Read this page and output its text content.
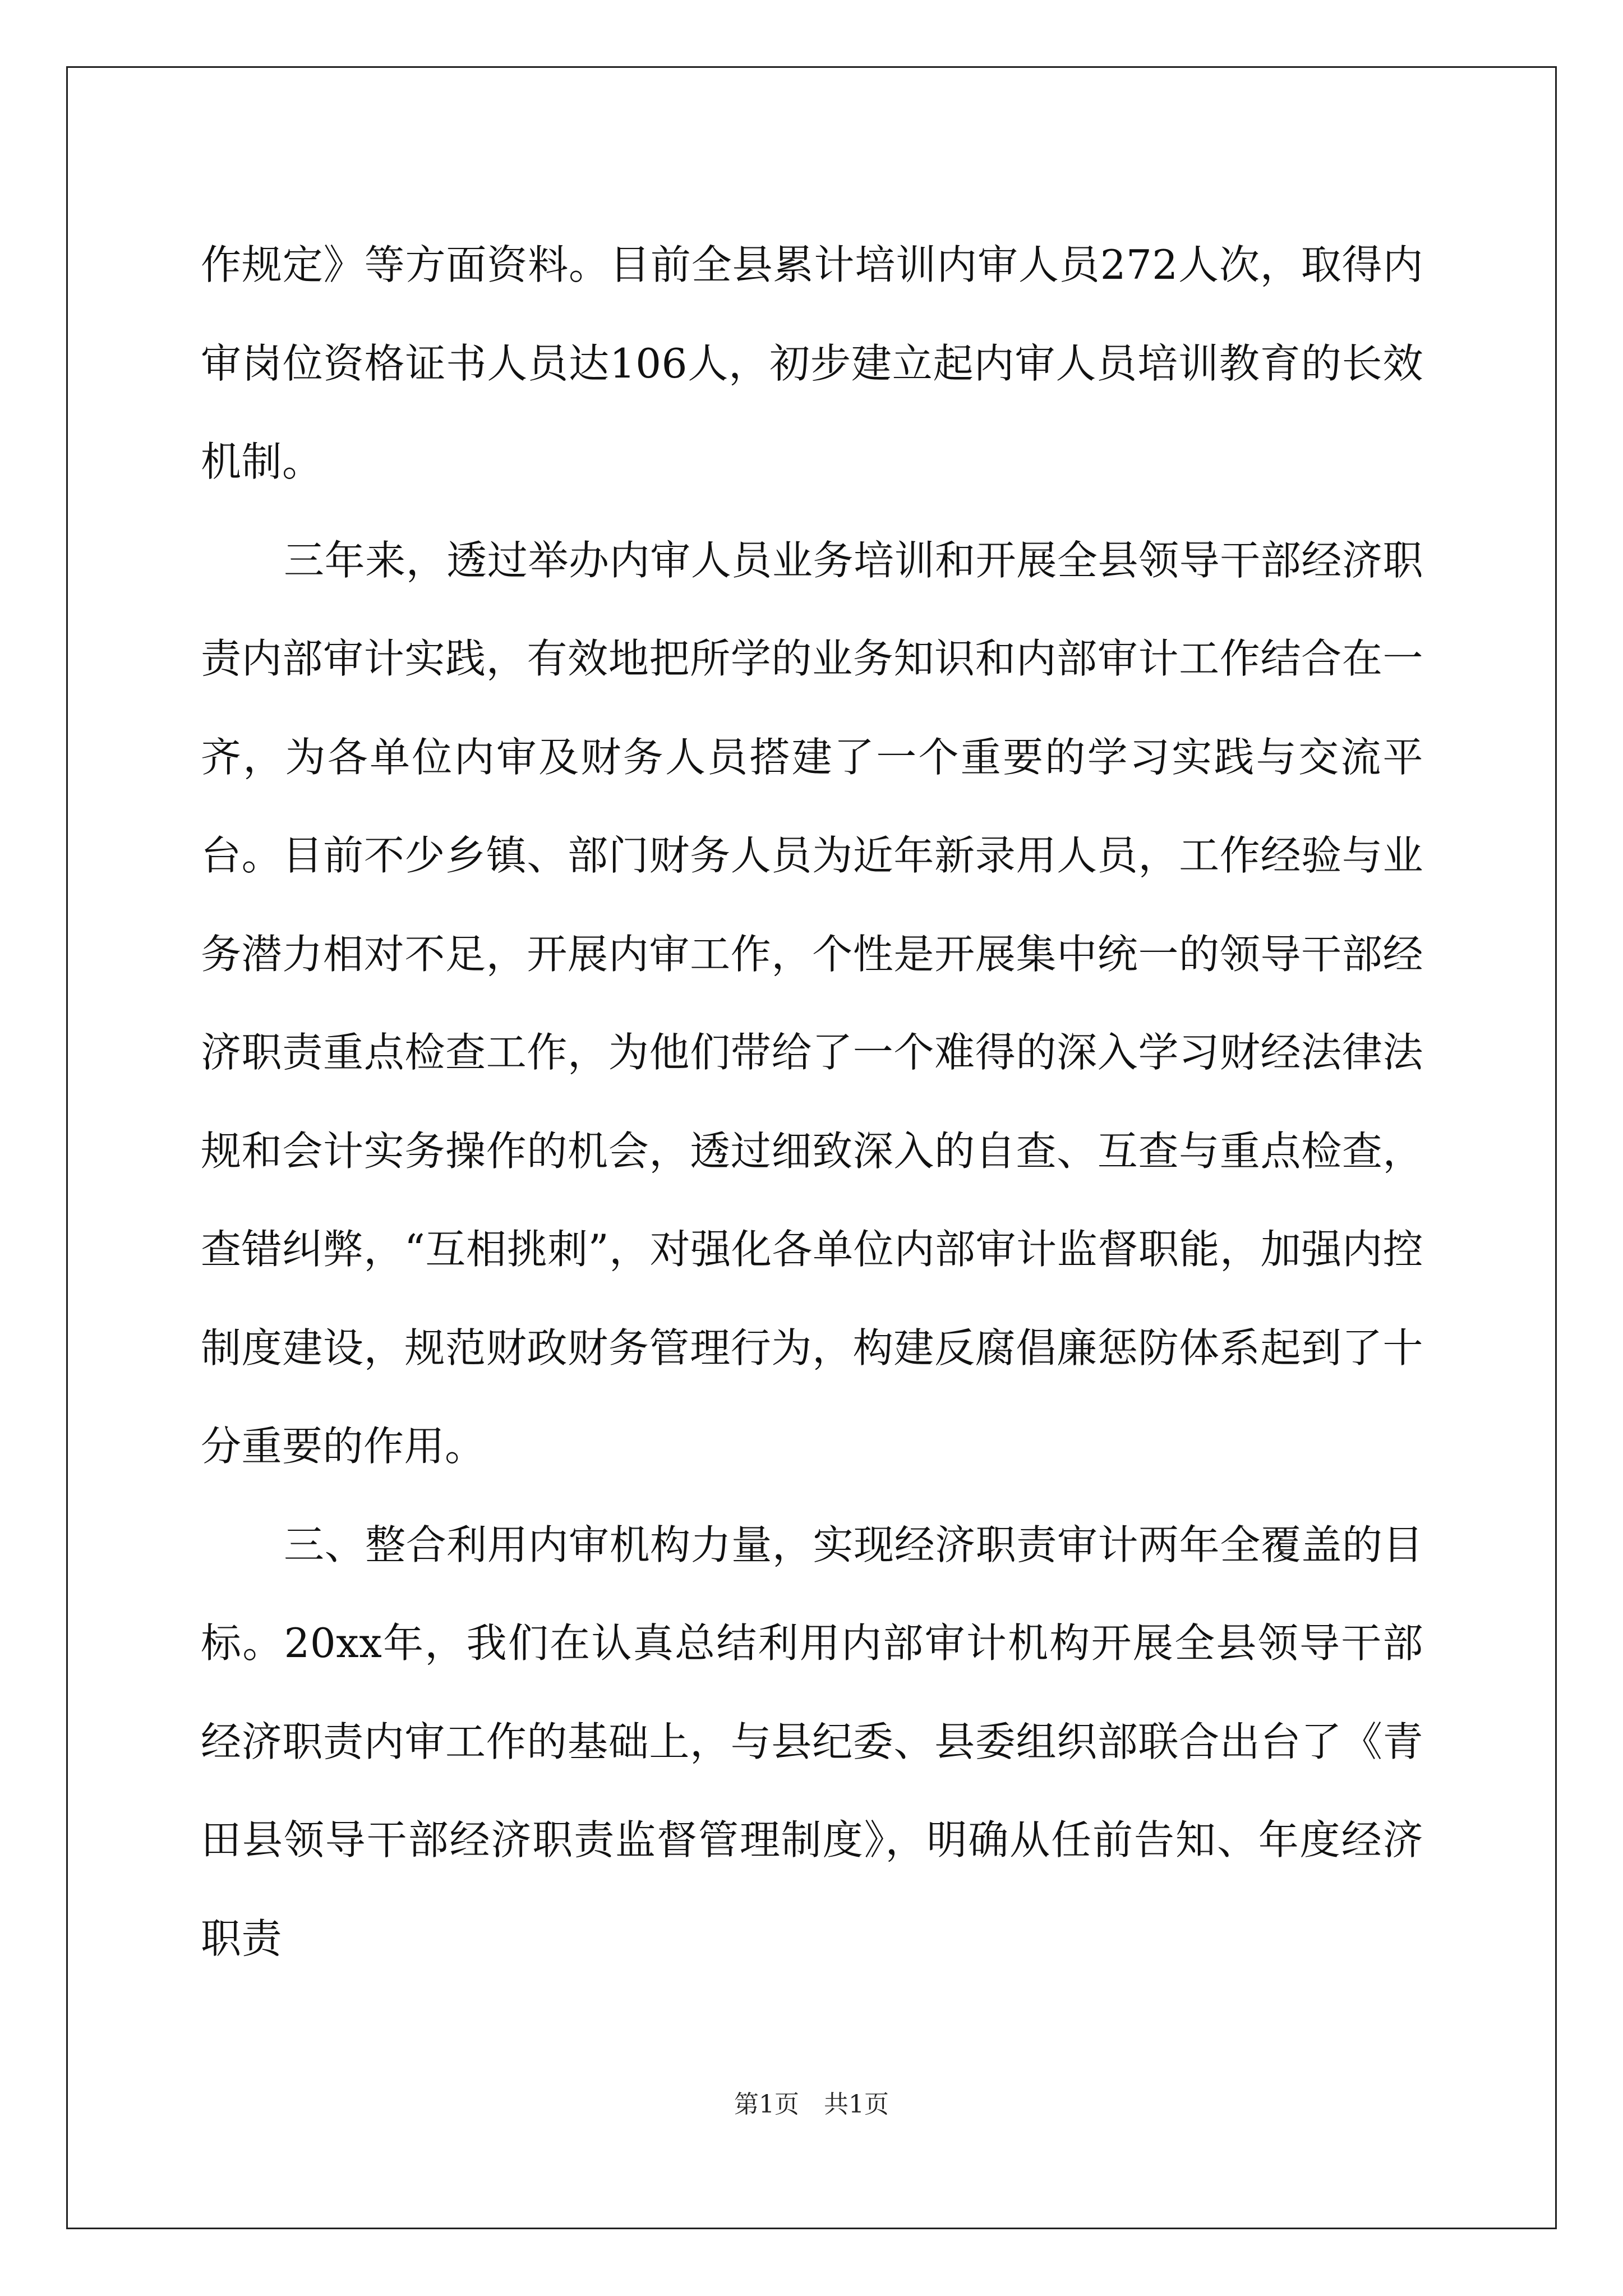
作规定》等方面资料。目前全县累计培训内审人员272人次，取得内审岗位资格证书人员达106人，初步建立起内审人员培训教育的长效机制。

三年来，透过举办内审人员业务培训和开展全县领导干部经济职责内部审计实践，有效地把所学的业务知识和内部审计工作结合在一齐，为各单位内审及财务人员搭建了一个重要的学习实践与交流平台。目前不少乡镇、部门财务人员为近年新录用人员，工作经验与业务潜力相对不足，开展内审工作，个性是开展集中统一的领导干部经济职责重点检查工作，为他们带给了一个难得的深入学习财经法律法规和会计实务操作的机会，透过细致深入的自查、互查与重点检查，查错纠弊，“互相挑刺”，对强化各单位内部审计监督职能，加强内控制度建设，规范财政财务管理行为，构建反腐倡廉惩防体系起到了十分重要的作用。

三、整合利用内审机构力量，实现经济职责审计两年全覆盖的目标。20xx年，我们在认真总结利用内部审计机构开展全县领导干部经济职责内审工作的基础上，与县纪委、县委组织部联合出台了《青田县领导干部经济职责监督管理制度》，明确从任前告知、年度经济职责

第1页　共1页
